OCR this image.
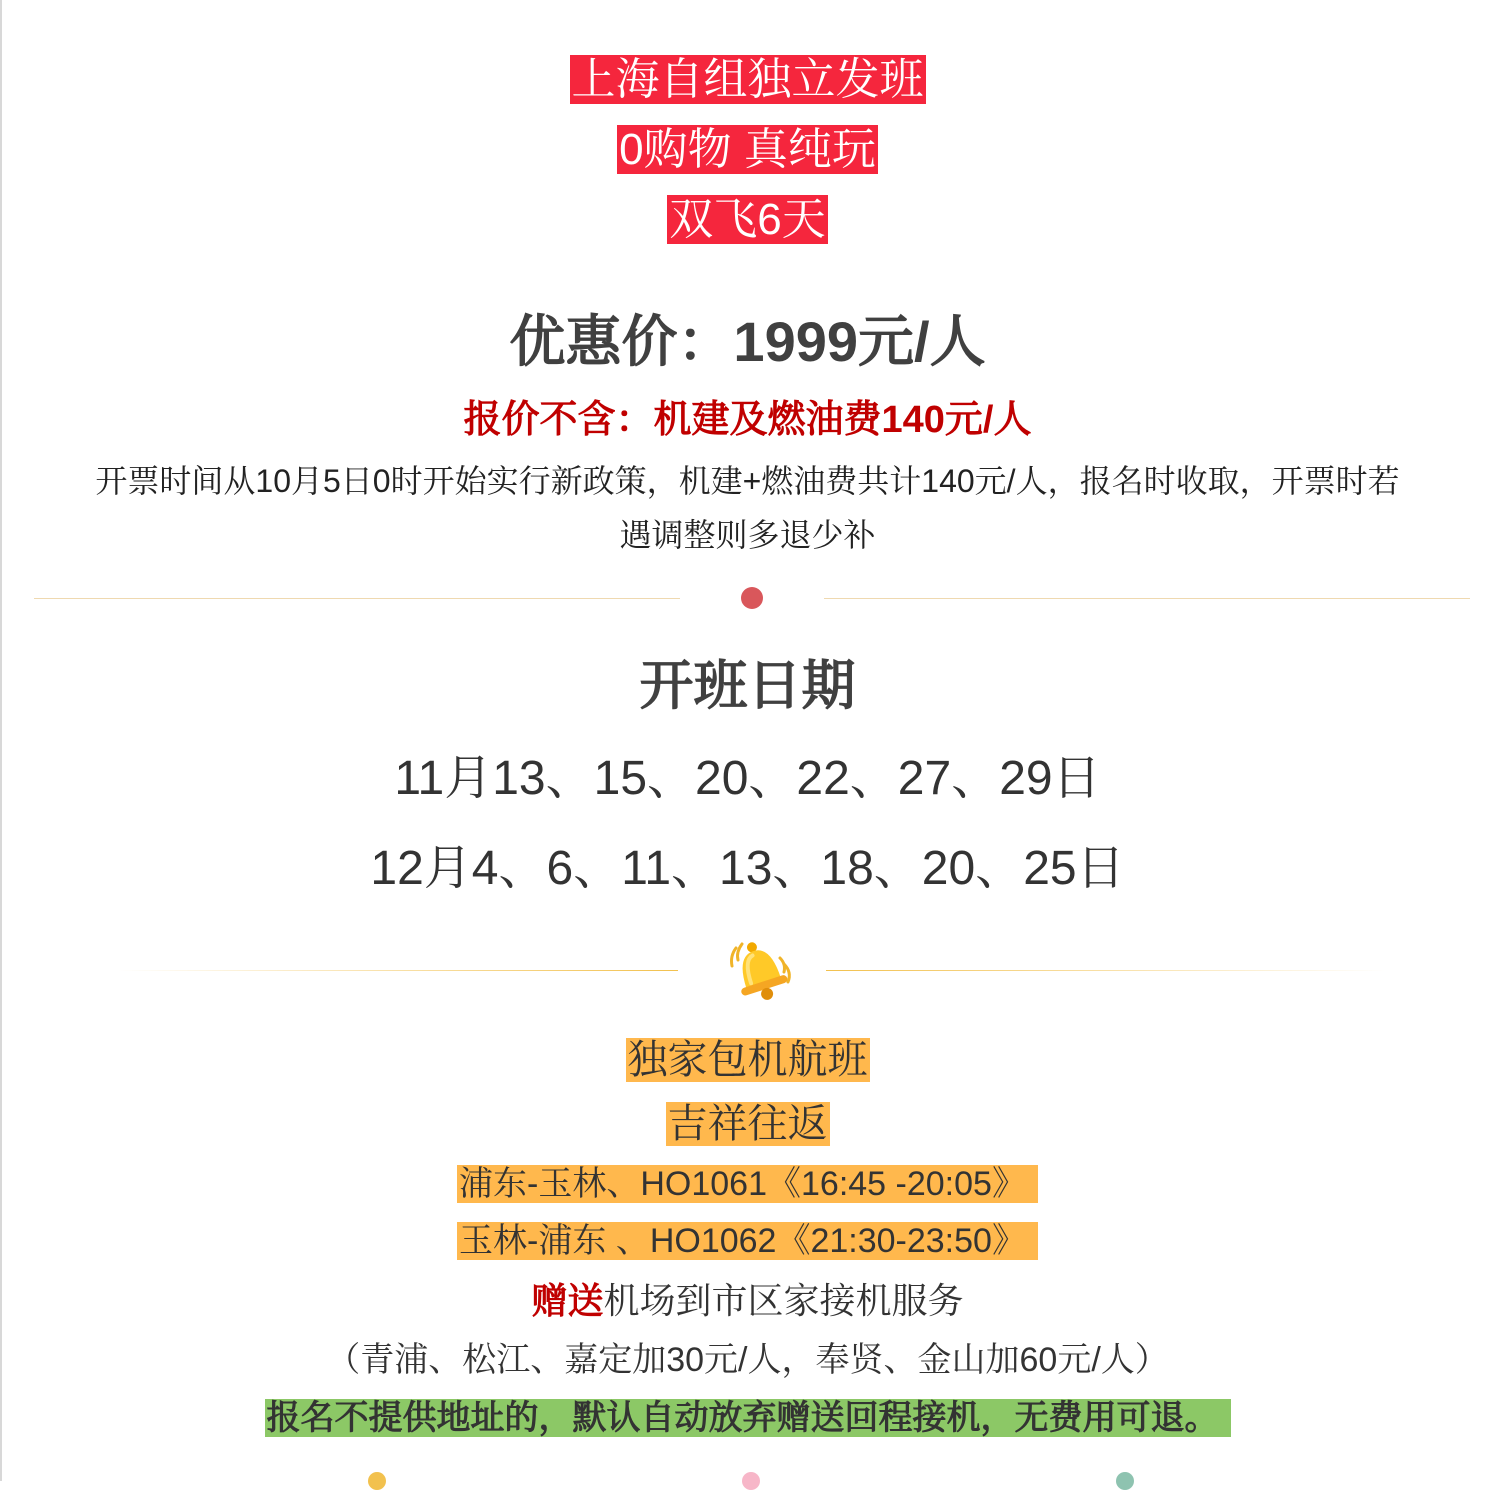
上海自组独立发班
0购物 真纯玩
双飞6天
优惠价：1999元/人
报价不含：机建及燃油费140元/人
开票时间从10月5日0时开始实行新政策，机建+燃油费共计140元/人，报名时收取，开票时若
遇调整则多退少补
开班日期
11月13、15、20、22、27、29日
12月4、6、11、13、18、20、25日
独家包机航班
吉祥往返
浦东-玉林、HO1061《16:45 -20:05》
玉林-浦东 、HO1062《21:30-23:50》
赠送机场到市区家接机服务
（青浦、松江、嘉定加30元/人，奉贤、金山加60元/人）
报名不提供地址的，默认自动放弃赠送回程接机，无费用可退。
